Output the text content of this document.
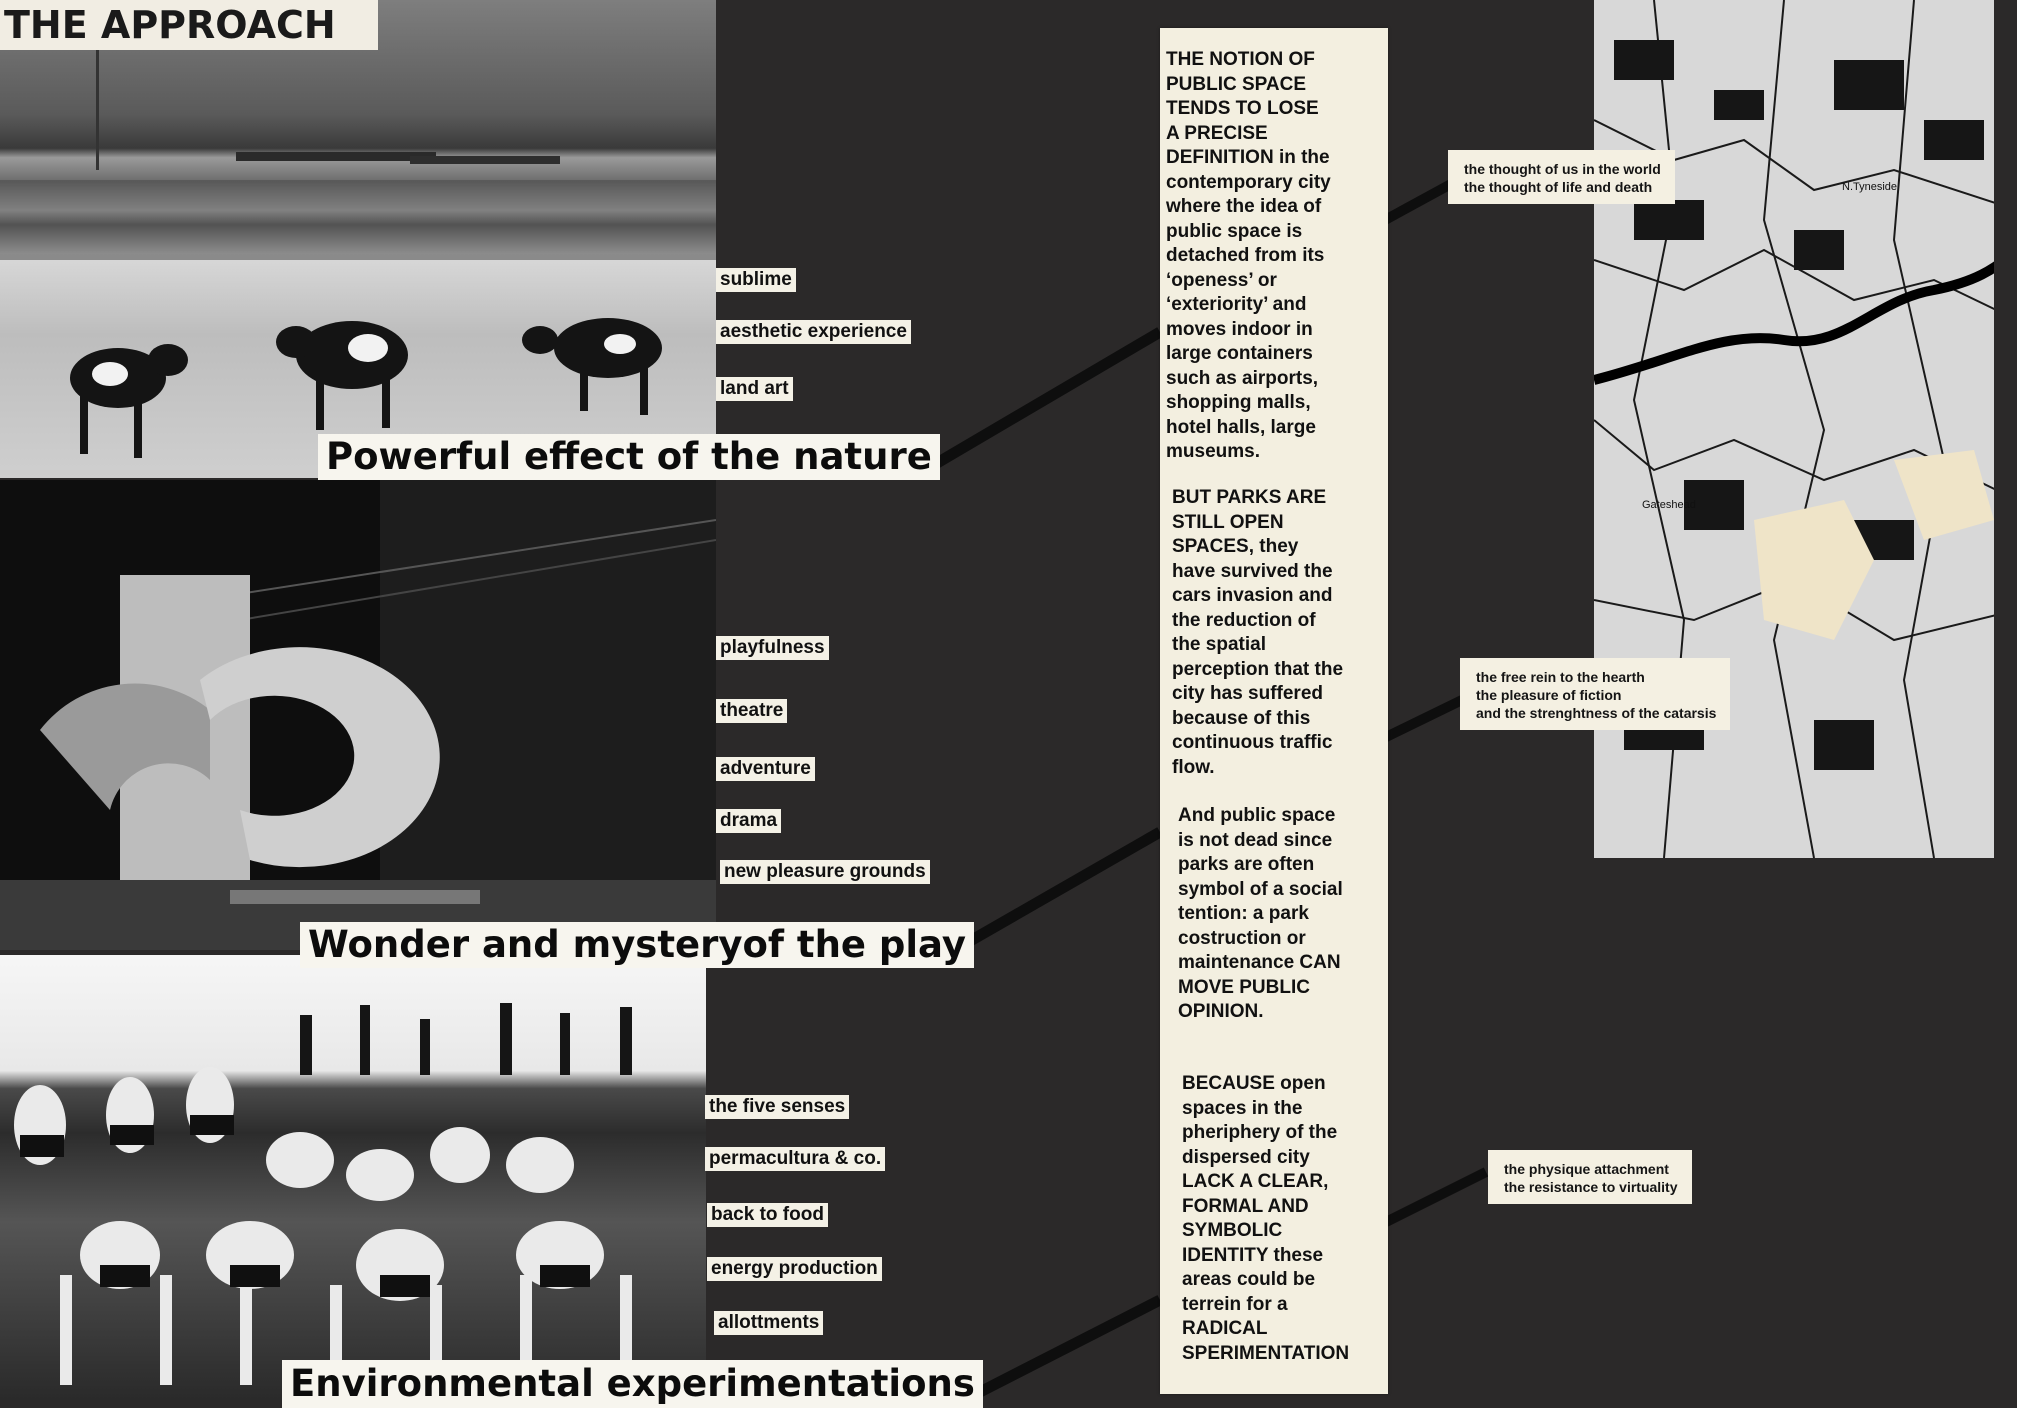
Gateshead
N.Tyneside
THE APPROACH
sublime
aesthetic experience
land art
Powerful effect of the nature
playfulness
theatre
adventure
drama
new pleasure grounds
Wonder and mysteryof the play
the five senses
permacultura & co.
back to food
energy production
allottments
Environmental experimentations
THE NOTION OF
PUBLIC SPACE
TENDS TO LOSE
A PRECISE
DEFINITION in the
contemporary city
where the idea of
public space is
detached from its
‘openess’ or
‘exteriority’ and
moves indoor in
large containers
such as airports,
shopping malls,
hotel halls, large
museums.
BUT PARKS ARE
STILL OPEN
SPACES, they
have survived the
cars invasion and
the reduction of
the spatial
perception that the
city has suffered
because of this
continuous traffic
flow.
And public space
is not dead since
parks are often
symbol of a social
tention: a park
costruction or
maintenance CAN
MOVE PUBLIC
OPINION.
BECAUSE open
spaces in the
pheriphery of the
dispersed city
LACK A CLEAR,
FORMAL AND
SYMBOLIC
IDENTITY these
areas could be
terrein for a
RADICAL
SPERIMENTATION
the thought of us in the world
the thought of life and death
the free rein to the hearth
the pleasure of fiction
and the strenghtness of the catarsis
the physique attachment
the resistance to virtuality
